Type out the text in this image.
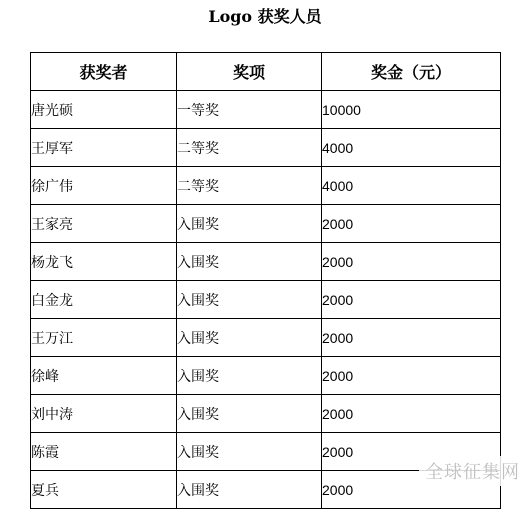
Logo 获奖人员
获奖者	奖项	奖金（元）
唐光硕	一等奖	10000
王厚军	二等奖	4000
徐广伟	二等奖	4000
王家亮	入围奖	2000
杨龙飞	入围奖	2000
白金龙	入围奖	2000
王万江	入围奖	2000
徐峰	入围奖	2000
刘中涛	入围奖	2000
陈霞	入围奖	2000
夏兵	入围奖	2000
全球征集网
